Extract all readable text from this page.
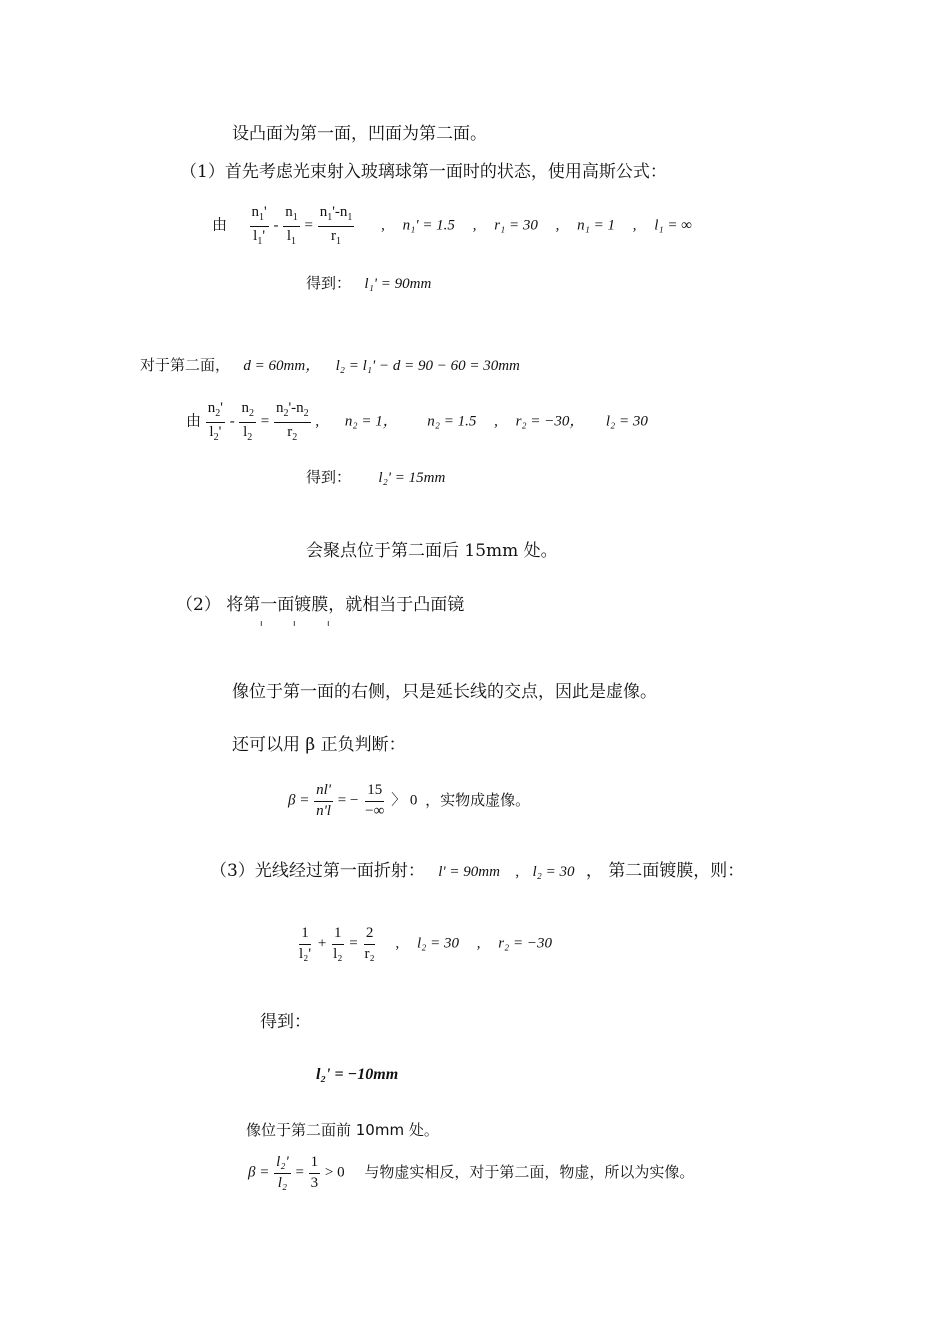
设凸面为第一面，凹面为第二面。
（1）首先考虑光束射入玻璃球第一面时的状态，使用高斯公式：
由 $\frac{n_1'}{l_1'} - \frac{n_1}{l_1} = \frac{n_1'-n_1}{r_1}$ , n₁' = 1.5 , r₁ = 30 , n₁ = 1 , l₁ = ∞
得到： l₁' = 90mm
对于第二面， d = 60mm， l₂ = l₁' − d = 90 − 60 = 30mm
由 $\frac{n_2'}{l_2'} - \frac{n_2}{l_2} = \frac{n_2'-n_2}{r_2}$ , n₂ = 1， n₂ = 1.5 , r₂ = −30， l₂ = 30
得到： l₂' = 15mm
会聚点位于第二面后 15mm 处。
（2） 将第一面镀膜，就相当于凸面镜
ı	ı	ı
像位于第一面的右侧，只是延长线的交点，因此是虚像。
还可以用 β 正负判断：
$\beta = \frac{nl'}{n'l}$ = − $\frac{15}{-\infty}$ 〉 0 ，实物成虚像。
（3）光线经过第一面折射： l' = 90mm , l₂ = 30 ， 第二面镀膜，则：
$\frac{1}{\text{l₂'}} + \frac{1}{\text{l₂}} = \frac{2}{\text{r₂}}$ , l₂ = 30 , r₂ = −30
得到：
l₂' = −10mm
像位于第二面前 10mm 处。
$\beta = \frac{\text{l₂'}}{\text{l₂}} = \frac{1}{3} > 0$ 与物虚实相反，对于第二面，物虚，所以为实像。
